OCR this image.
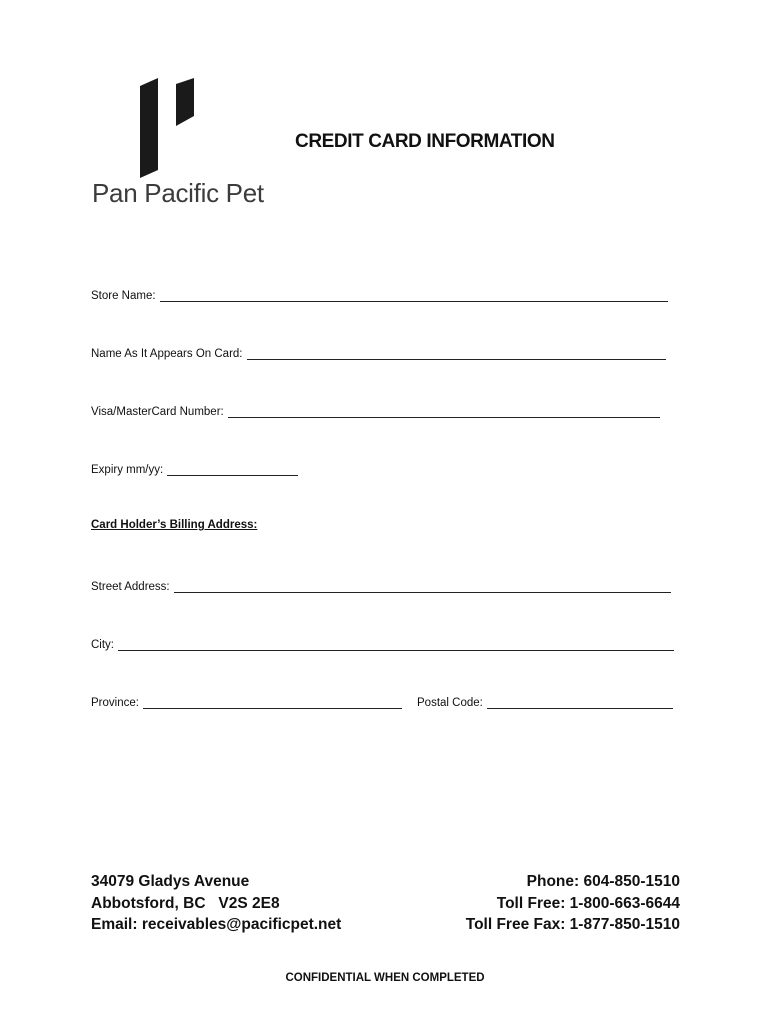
Pan Pacific Pet
CREDIT CARD INFORMATION
Store Name:
Name As It Appears On Card:
Visa/MasterCard Number:
Expiry mm/yy:
Card Holder’s Billing Address:
Street Address:
City:
Province:	Postal Code:
34079 Gladys Avenue
Abbotsford, BC   V2S 2E8
Email: receivables@pacificpet.net
Phone: 604-850-1510
Toll Free: 1-800-663-6644
Toll Free Fax: 1-877-850-1510
CONFIDENTIAL WHEN COMPLETED
